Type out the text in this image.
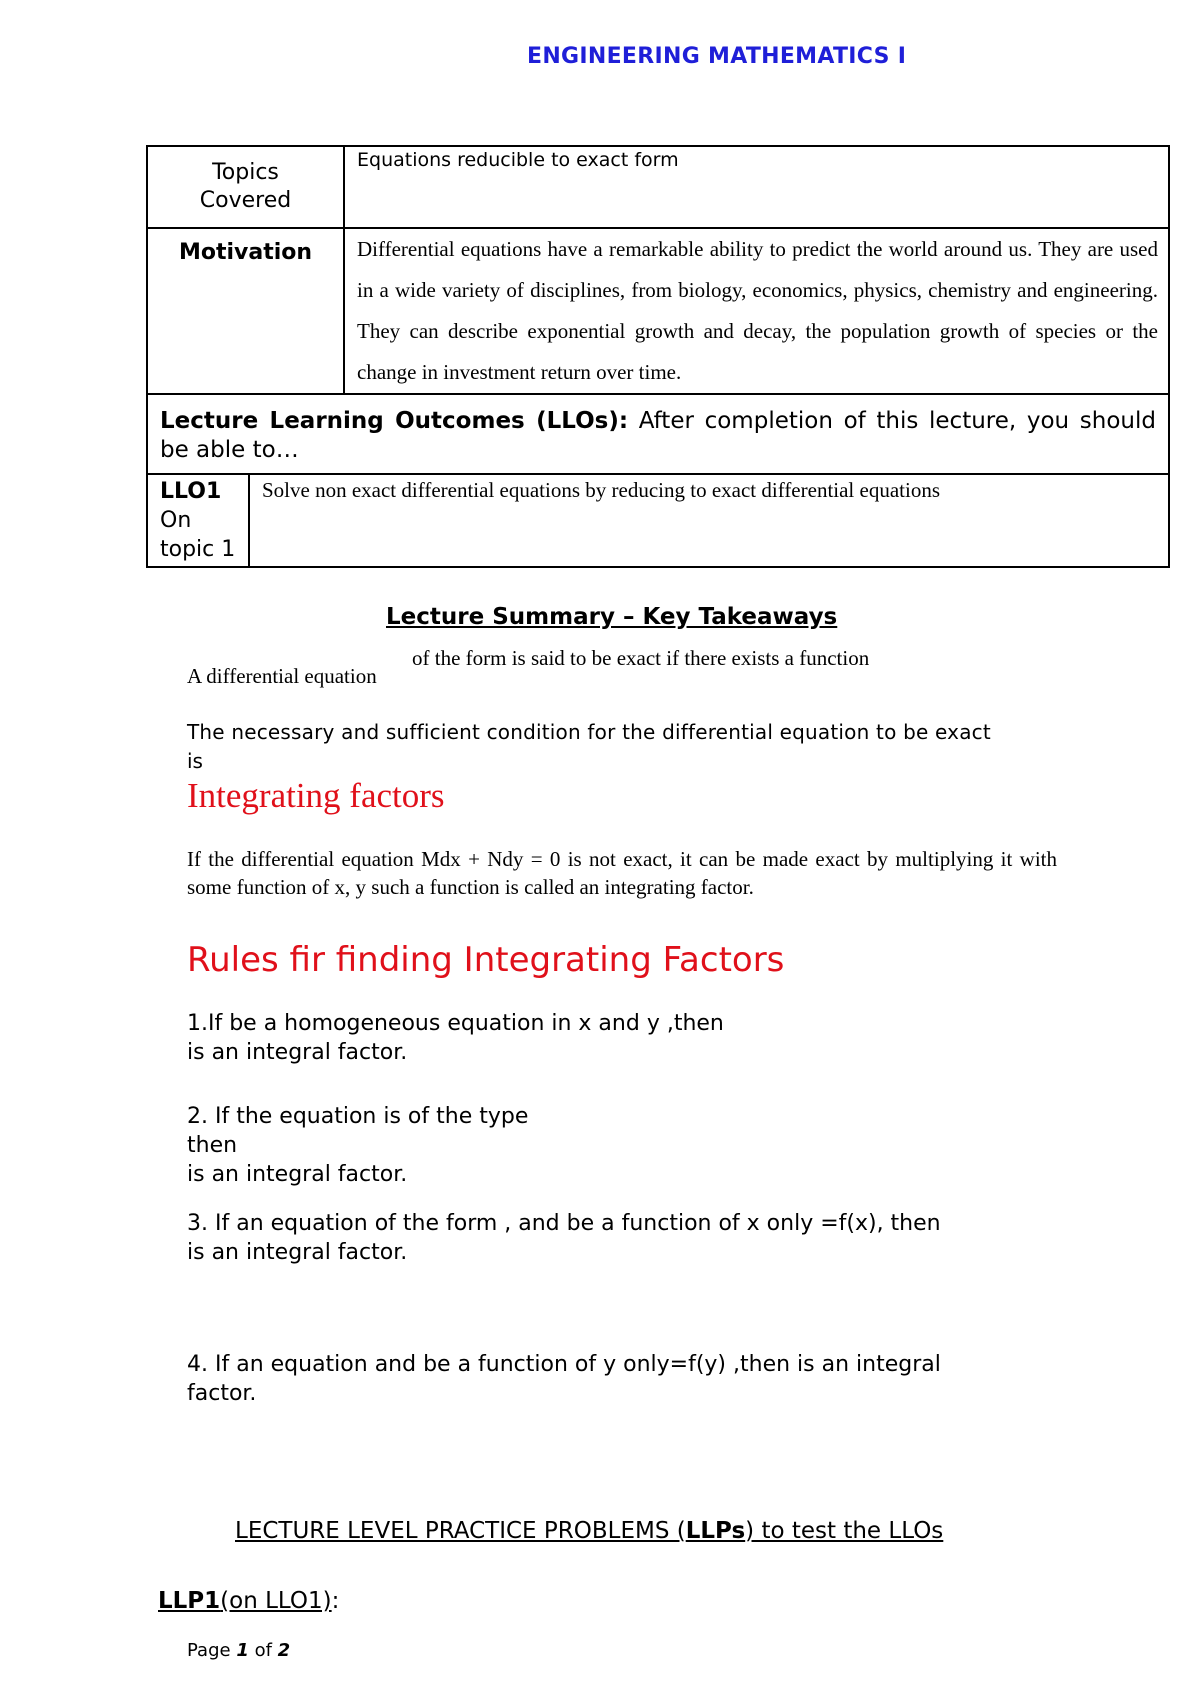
ENGINEERING MATHEMATICS I
Topics
Covered		Equations reducible to exact form

Motivation		Differential equations have a remarkable ability to predict the world around us. They are used in a wide variety of disciplines, from biology, economics, physics, chemistry and engineering. They can describe exponential growth and decay, the population growth of species or the change in investment return over time.

Lecture Learning Outcomes (LLOs): After completion of this lecture, you should be able to…		

LLO1
On
topic 1	Solve non exact differential equations by reducing to exact differential equations	
Lecture Summary – Key Takeaways
A differential equation
of the form is said to be exact if there exists a function
The necessary and sufficient condition for the differential equation to be exact
is
Integrating factors
If the differential equation Mdx + Ndy = 0 is not exact, it can be made exact by multiplying it with some function of x, y such a function is called an integrating factor.
Rules fir finding Integrating Factors
1.If be a homogeneous equation in x and y ,then
is an integral factor.
2. If the equation is of the type
then
is an integral factor.
3. If an equation of the form , and be a function of x only =f(x), then
is an integral factor.
4. If an equation and be a function of y only=f(y) ,then is an integral
factor.
LECTURE LEVEL PRACTICE PROBLEMS (LLPs) to test the LLOs
LLP1(on LLO1):
Page 1 of 2
